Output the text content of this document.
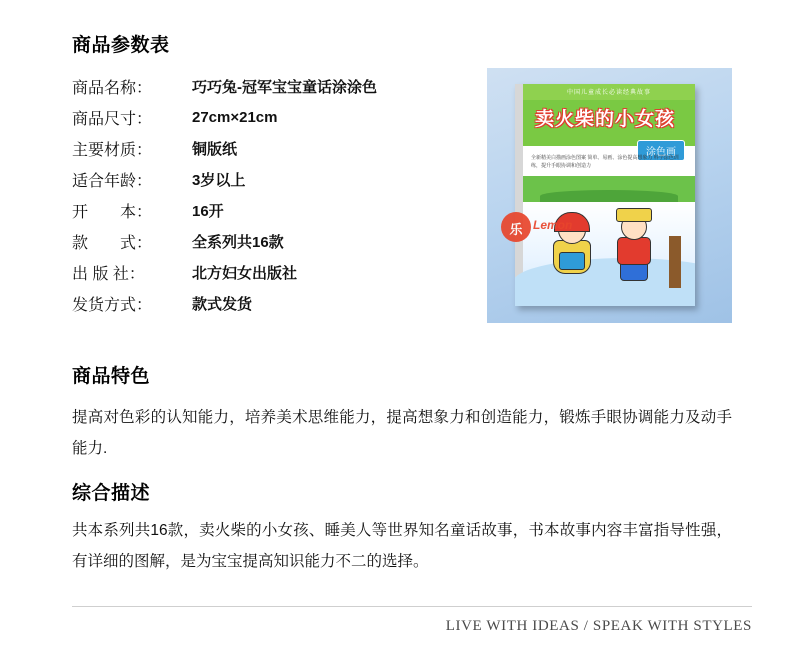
商品参数表
商品名称：	巧巧兔-冠军宝宝童话涂涂色
商品尺寸：	27cm×21cm
主要材质：	铜版纸
适合年龄：	3岁以上
开　　本：	16开
款　　式：	全系列共16款
出 版 社：	北方妇女出版社
发货方式：	款式发货
中国儿童成长必读经典故事
卖火柴的小女孩
涂色画
全新精美白描画涂色图案 简单、易画、涂色提高想象力 科学涂色训练，提升手眼协调和创造力
乐 Lemon
商品特色

提高对色彩的认知能力，培养美术思维能力，提高想象力和创造能力，锻炼手眼协调能力及动手能力.

综合描述

共本系列共16款，卖火柴的小女孩、睡美人等世界知名童话故事，书本故事内容丰富指导性强，有详细的图解，是为宝宝提高知识能力不二的选择。

LIVE WITH IDEAS / SPEAK WITH STYLES
